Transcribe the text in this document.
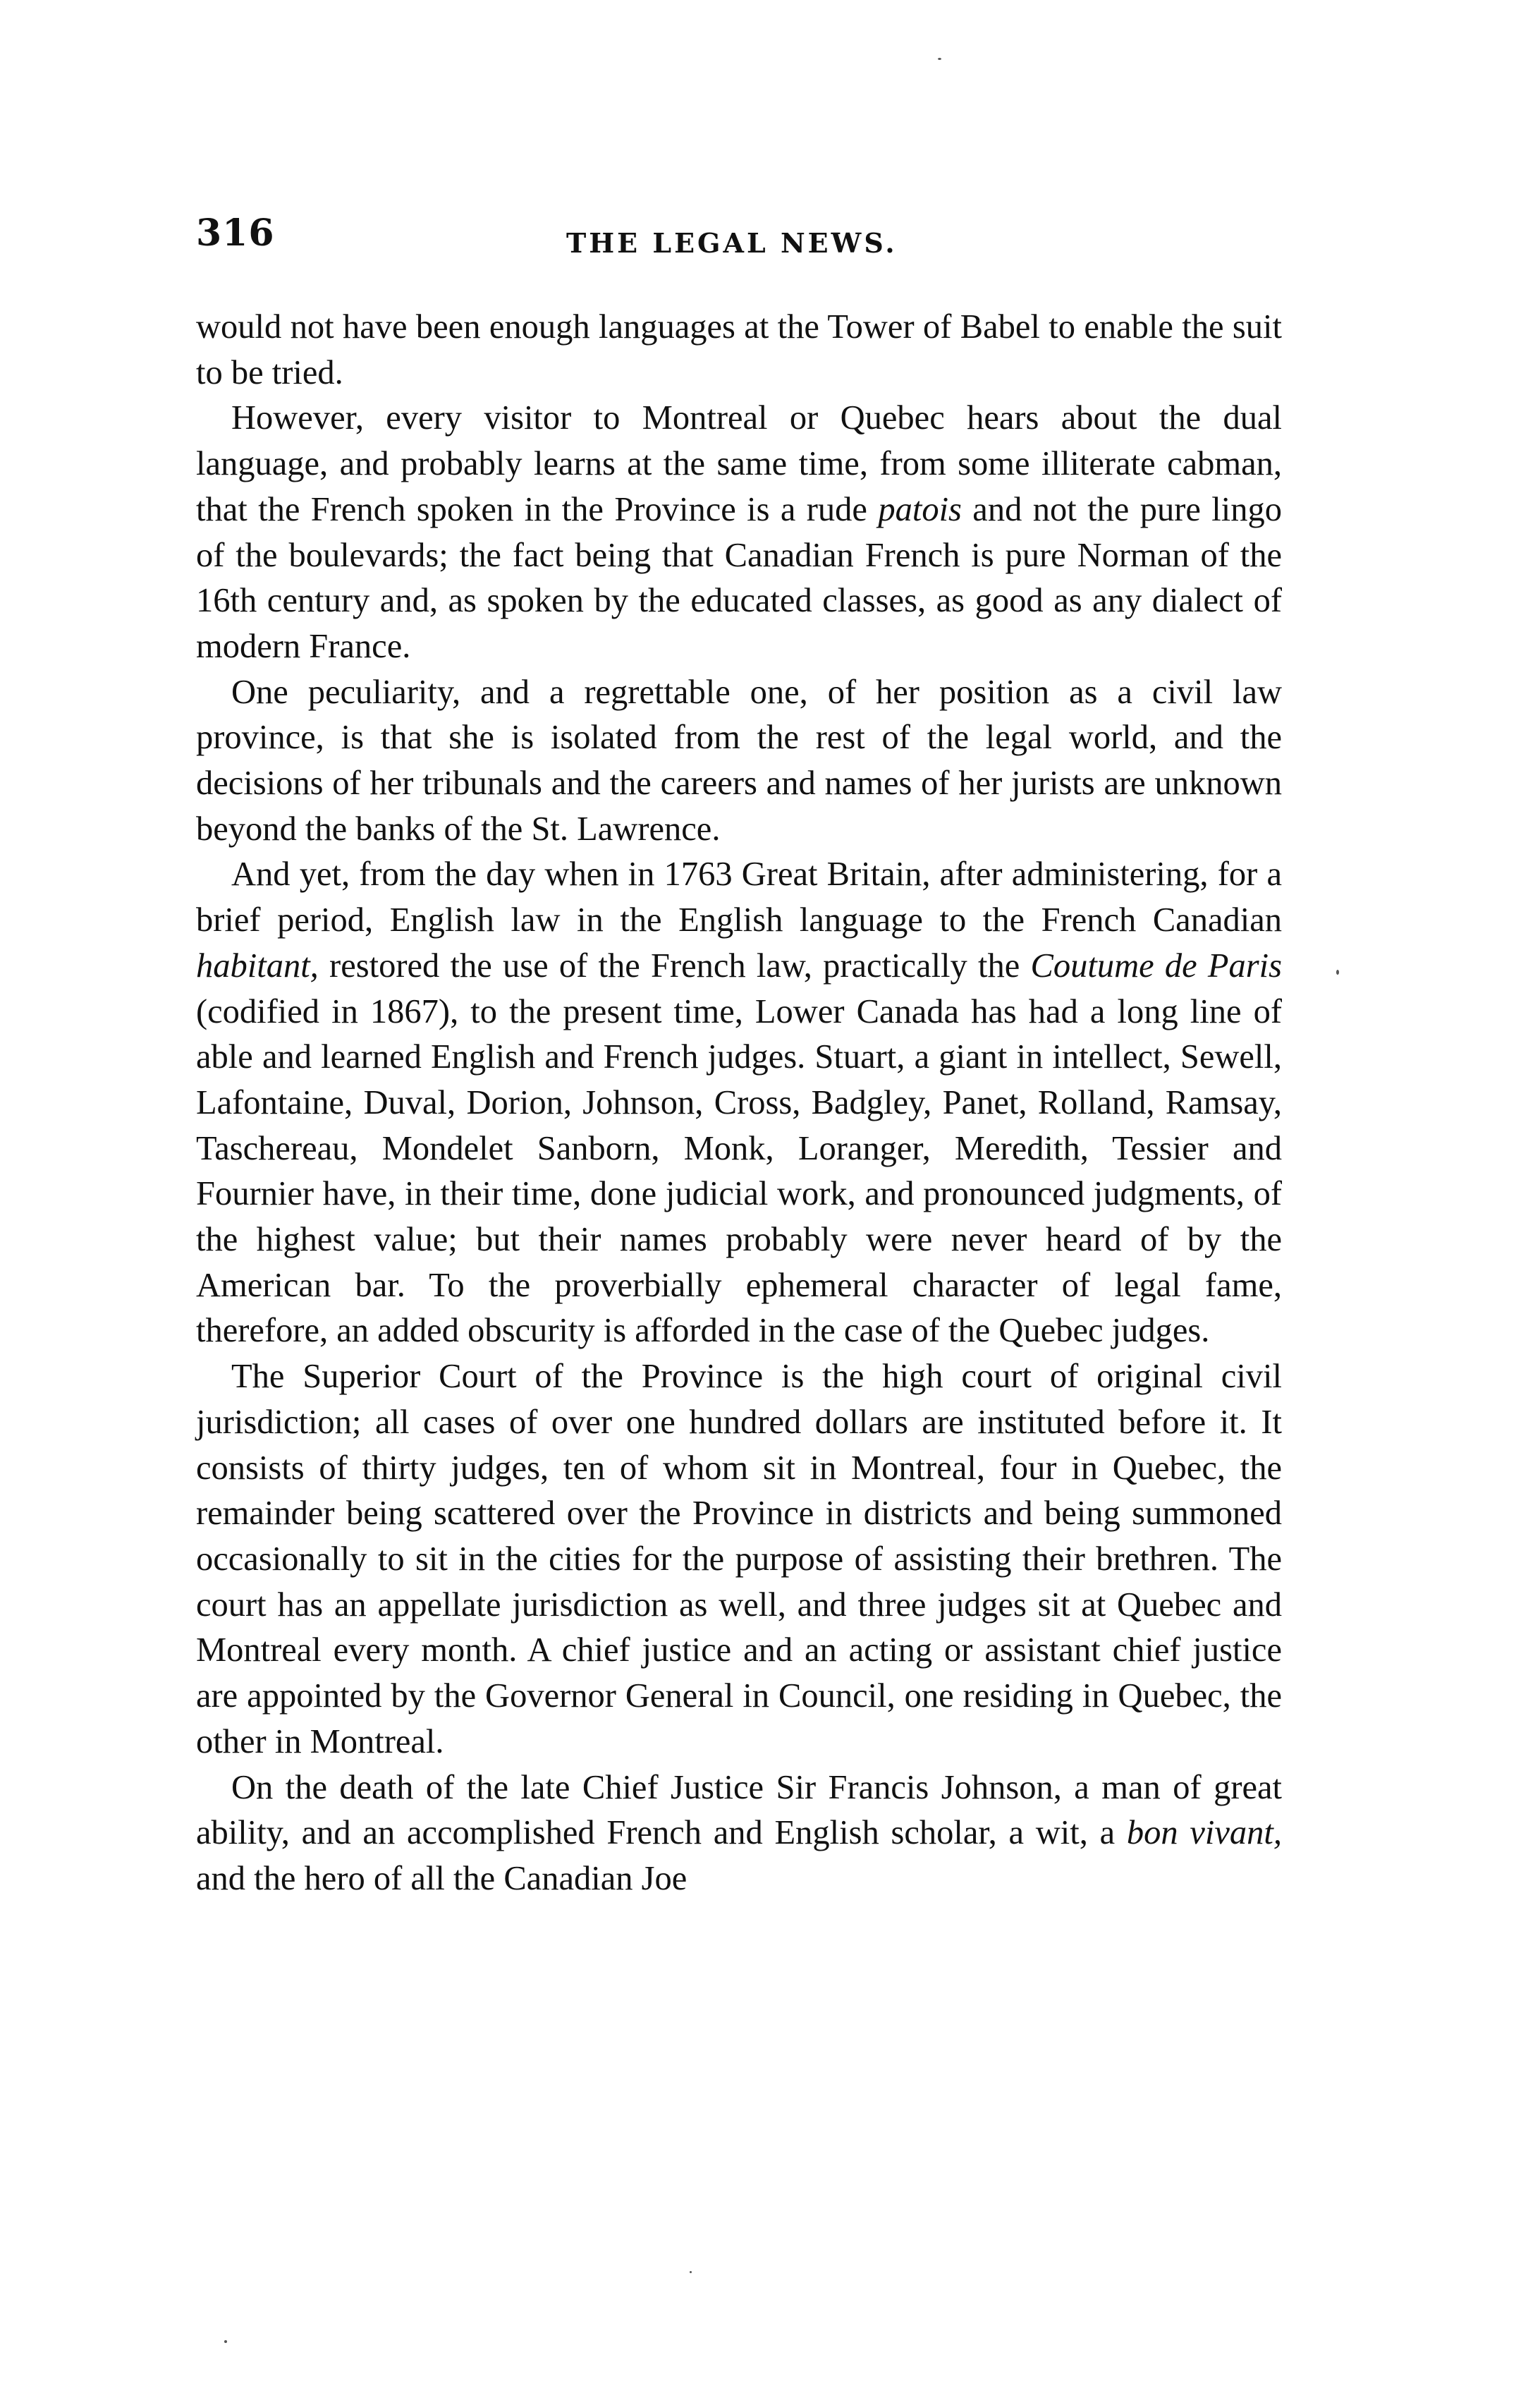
316	THE LEGAL NEWS.

would not have been enough languages at the Tower of Babel to enable the suit to be tried.

However, every visitor to Montreal or Quebec hears about the dual language, and probably learns at the same time, from some illiterate cabman, that the French spoken in the Province is a rude patois and not the pure lingo of the boulevards; the fact being that Canadian French is pure Norman of the 16th century and, as spoken by the educated classes, as good as any dialect of modern France.

One peculiarity, and a regrettable one, of her position as a civil law province, is that she is isolated from the rest of the legal world, and the decisions of her tribunals and the careers and names of her jurists are unknown beyond the banks of the St. Lawrence.

And yet, from the day when in 1763 Great Britain, after administering, for a brief period, English law in the English language to the French Canadian habitant, restored the use of the French law, practically the Coutume de Paris (codified in 1867), to the present time, Lower Canada has had a long line of able and learned English and French judges. Stuart, a giant in intellect, Sewell, Lafontaine, Duval, Dorion, Johnson, Cross, Badgley, Panet, Rolland, Ramsay, Taschereau, Mondelet Sanborn, Monk, Loranger, Meredith, Tessier and Fournier have, in their time, done judicial work, and pronounced judgments, of the highest value; but their names probably were never heard of by the American bar. To the proverbially ephemeral character of legal fame, therefore, an added obscurity is afforded in the case of the Quebec judges.

The Superior Court of the Province is the high court of original civil jurisdiction; all cases of over one hundred dollars are instituted before it. It consists of thirty judges, ten of whom sit in Montreal, four in Quebec, the remainder being scattered over the Province in districts and being summoned occasionally to sit in the cities for the purpose of assisting their brethren. The court has an appellate jurisdiction as well, and three judges sit at Quebec and Montreal every month. A chief justice and an acting or assistant chief justice are appointed by the Governor General in Council, one residing in Quebec, the other in Montreal.

On the death of the late Chief Justice Sir Francis Johnson, a man of great ability, and an accomplished French and English scholar, a wit, a bon vivant, and the hero of all the Canadian Joe
